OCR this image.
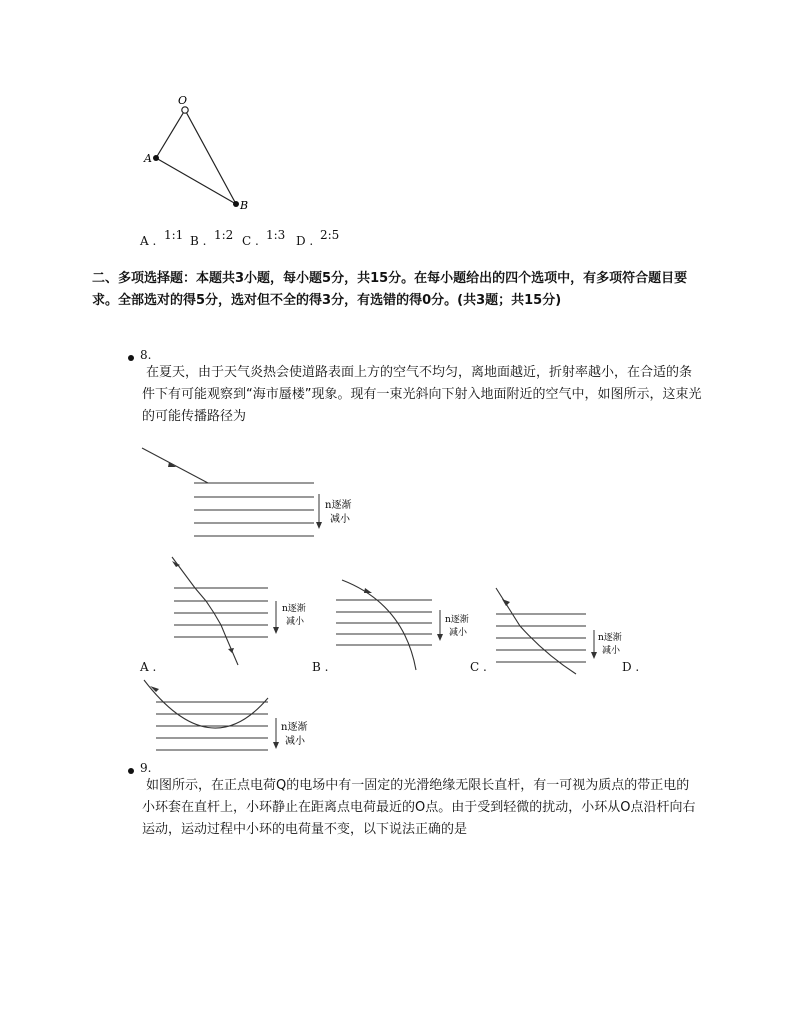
O
A
B
A . 1:1 B . 1:2 C . 1:3 D . 2:5
二、多项选择题：本题共3小题，每小题5分，共15分。在每小题给出的四个选项中，有多项符合题目要求。全部选对的得5分，选对但不全的得3分，有选错的得0分。(共3题；共15分)
8.
在夏天，由于天气炎热会使道路表面上方的空气不均匀，离地面越近，折射率越小，在合适的条件下有可能观察到“海市蜃楼”现象。现有一束光斜向下射入地面附近的空气中，如图所示，这束光的可能传播路径为
n逐渐
减小
n逐渐
减小
A .
n逐渐
减小
B .
n逐渐
减小
C .	D .
n逐渐
减小
9.
如图所示，在正点电荷Q的电场中有一固定的光滑绝缘无限长直杆，有一可视为质点的带正电的小环套在直杆上，小环静止在距离点电荷最近的O点。由于受到轻微的扰动，小环从O点沿杆向右运动，运动过程中小环的电荷量不变，以下说法正确的是
